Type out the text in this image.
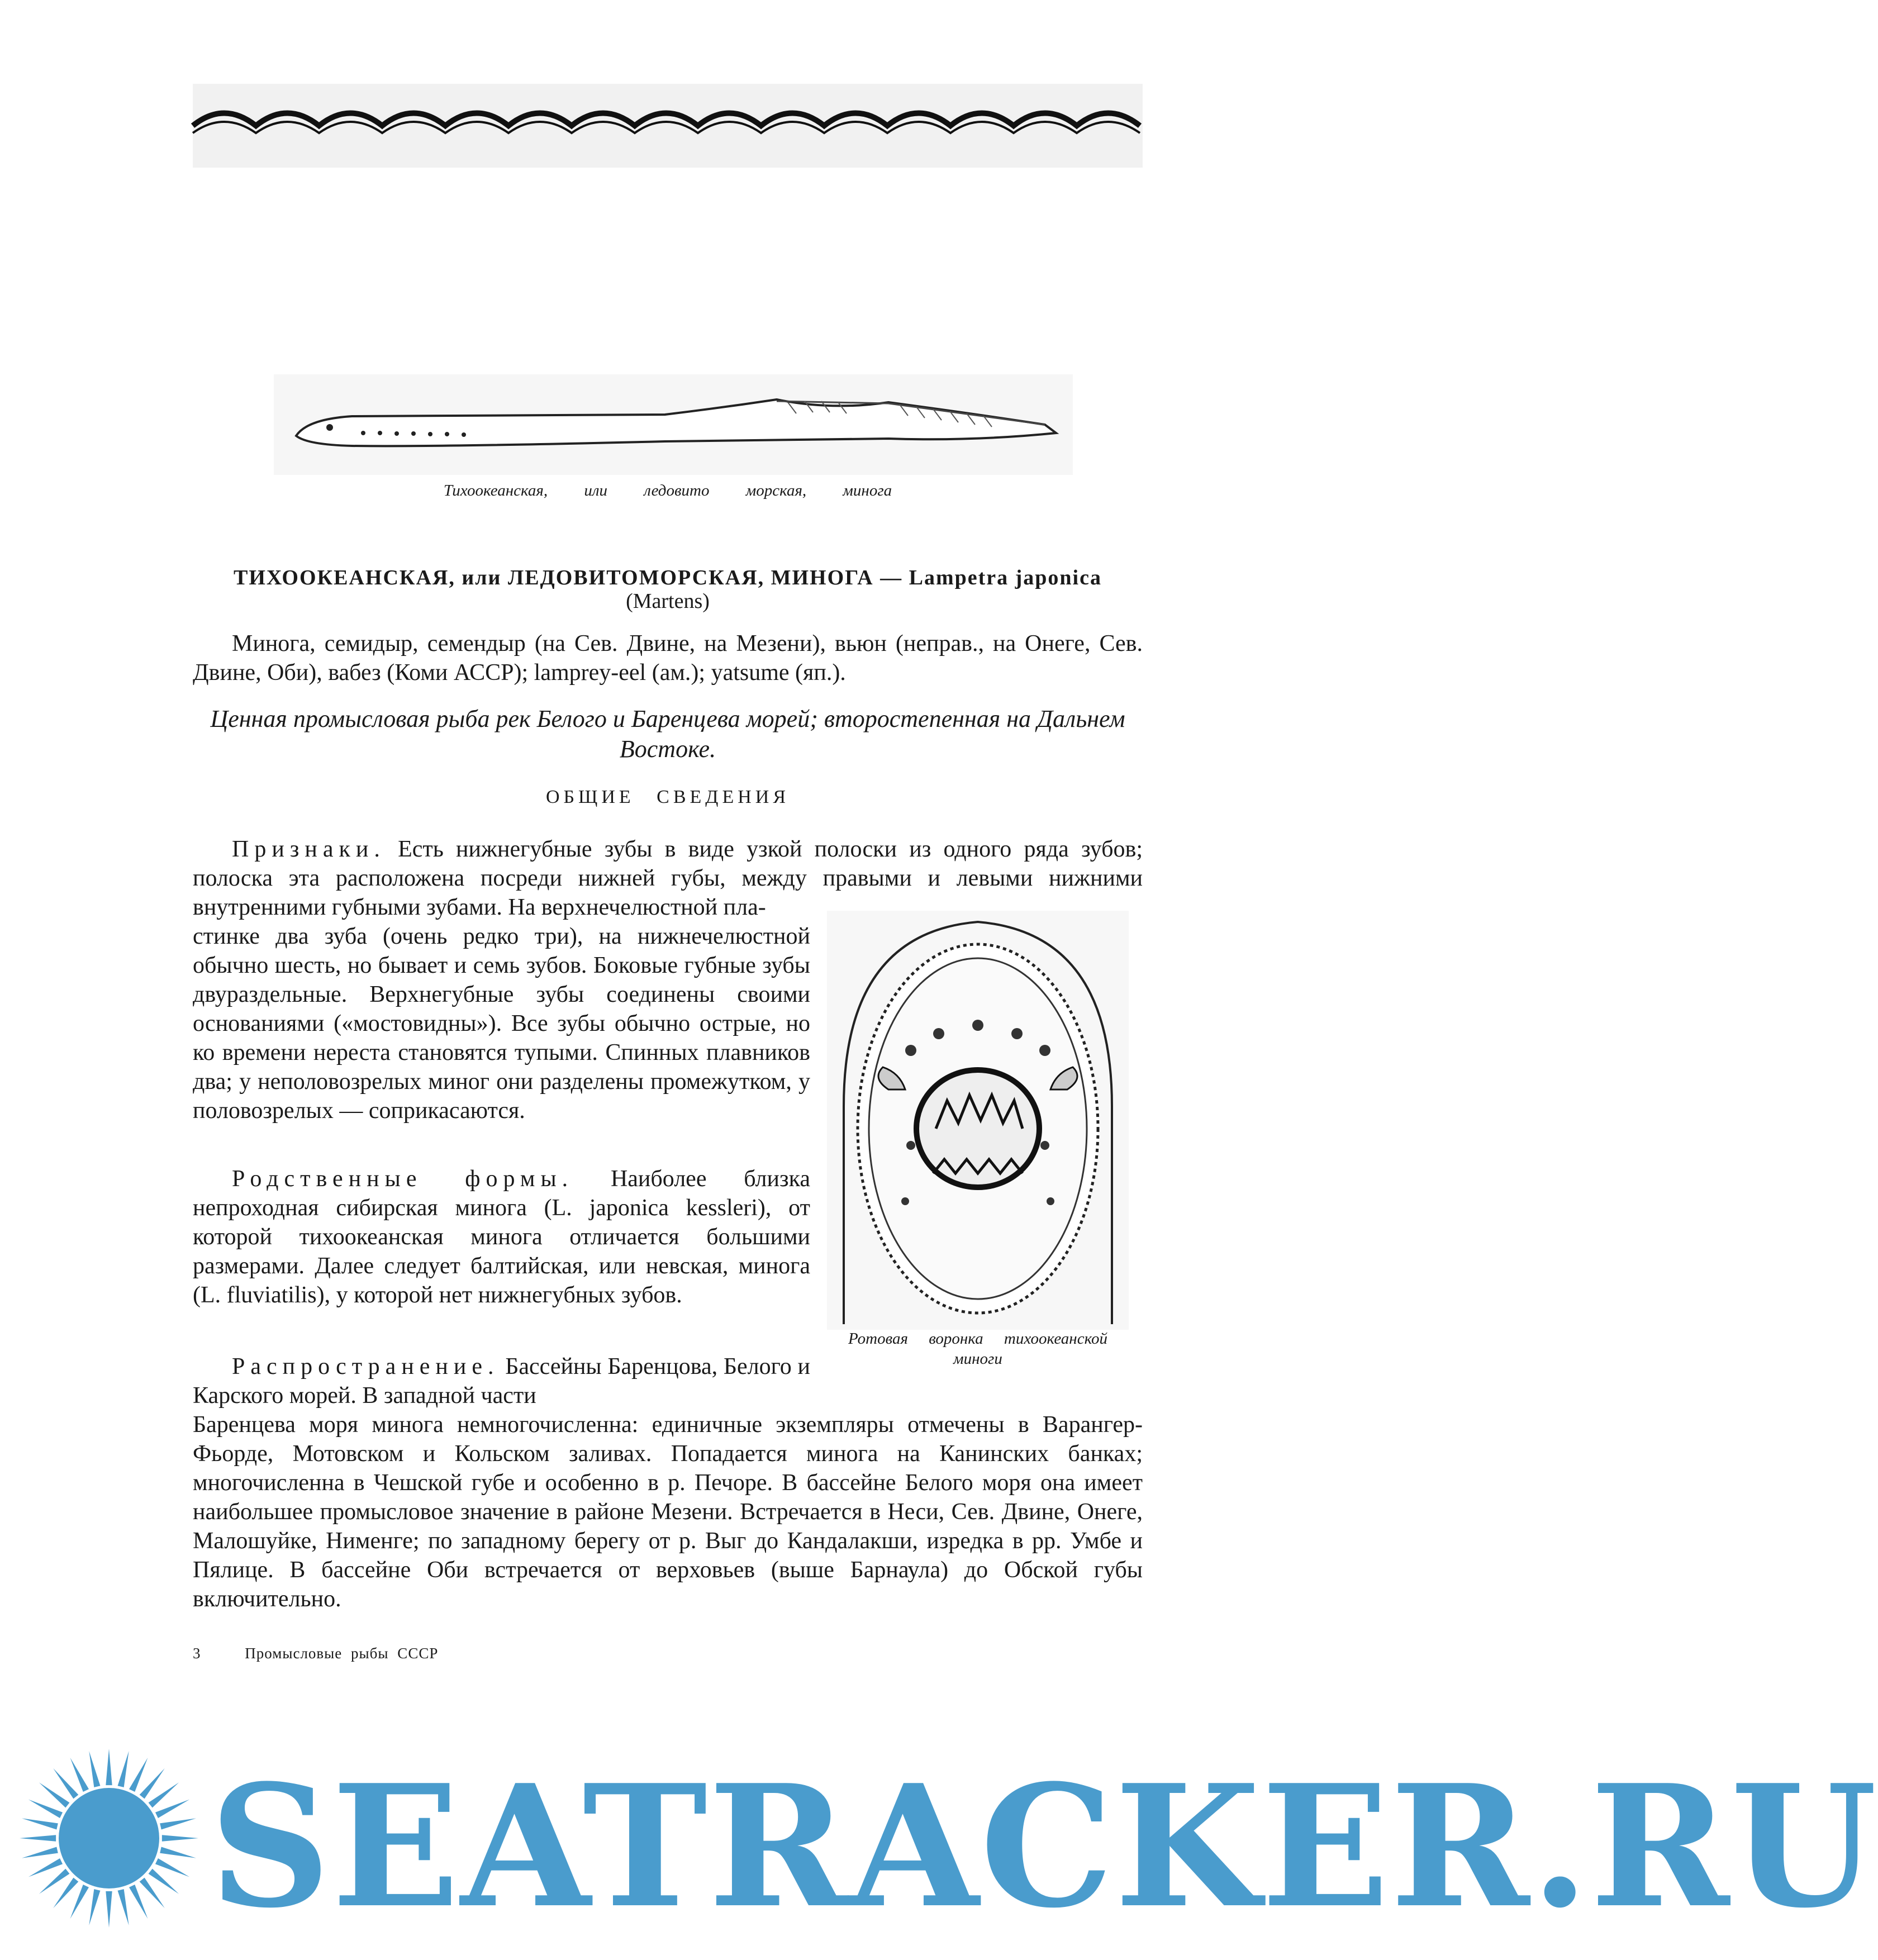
Тихоокеанская, или ледовито морская, минога
ТИХООКЕАНСКАЯ, или ЛЕДОВИТОМОРСКАЯ, МИНОГА — Lampetra japonica
(Martens)
Минога, семидыр, семендыр (на Сев. Двине, на Мезени), вьюн (неправ., на Онеге, Сев. Двине, Оби), вабез (Коми АССР); lamprey-eel (ам.); yatsume (яп.).
Ценная промысловая рыба рек Белого и Баренцева морей; второстепенная на Дальнем Востоке.
ОБЩИЕ СВЕДЕНИЯ
Признаки. Есть нижнегубные зубы в виде узкой полоски из одного ряда зубов; полоска эта расположена посреди нижней губы, между правыми и левыми нижними внутренними губными зубами. На верхнечелюстной пла-
стинке два зуба (очень редко три), на нижнечелюстной обычно шесть, но бывает и семь зубов. Боковые губные зубы двураздельные. Верхнегубные зубы соединены своими основаниями («мостовидны»). Все зубы обычно острые, но ко времени нереста становятся тупыми. Спинных плавников два; у неполовозрелых миног они разделены промежутком, у половозрелых — соприкасаются.
Родственные формы. Наиболее близка непроходная сибирская минога (L. japonica kessleri), от которой тихоокеанская минога отличается большими размерами. Далее следует балтийская, или невская, минога (L. fluviatilis), у которой нет нижнегубных зубов.
Распространение. Бассейны Баренцова, Белого и Карского морей. В западной части
Баренцева моря минога немногочисленна: единичные экземпляры отмечены в Варангер-Фьорде, Мотовском и Кольском заливах. Попадается минога на Канинских банках; многочисленна в Чешской губе и особенно в р. Печоре. В бассейне Белого моря она имеет наибольшее промысловое значение в районе Мезени. Встречается в Неси, Сев. Двине, Онеге, Малошуйке, Нименге; по западному берегу от р. Выг до Кандалакши, изредка в рр. Умбе и Пялице. В бассейне Оби встречается от верховьев (выше Барнаула) до Обской губы включительно.
Ротовая воронка тихоокеанской миноги
3	Промысловые рыбы СССР
SEATRACKER.RU
